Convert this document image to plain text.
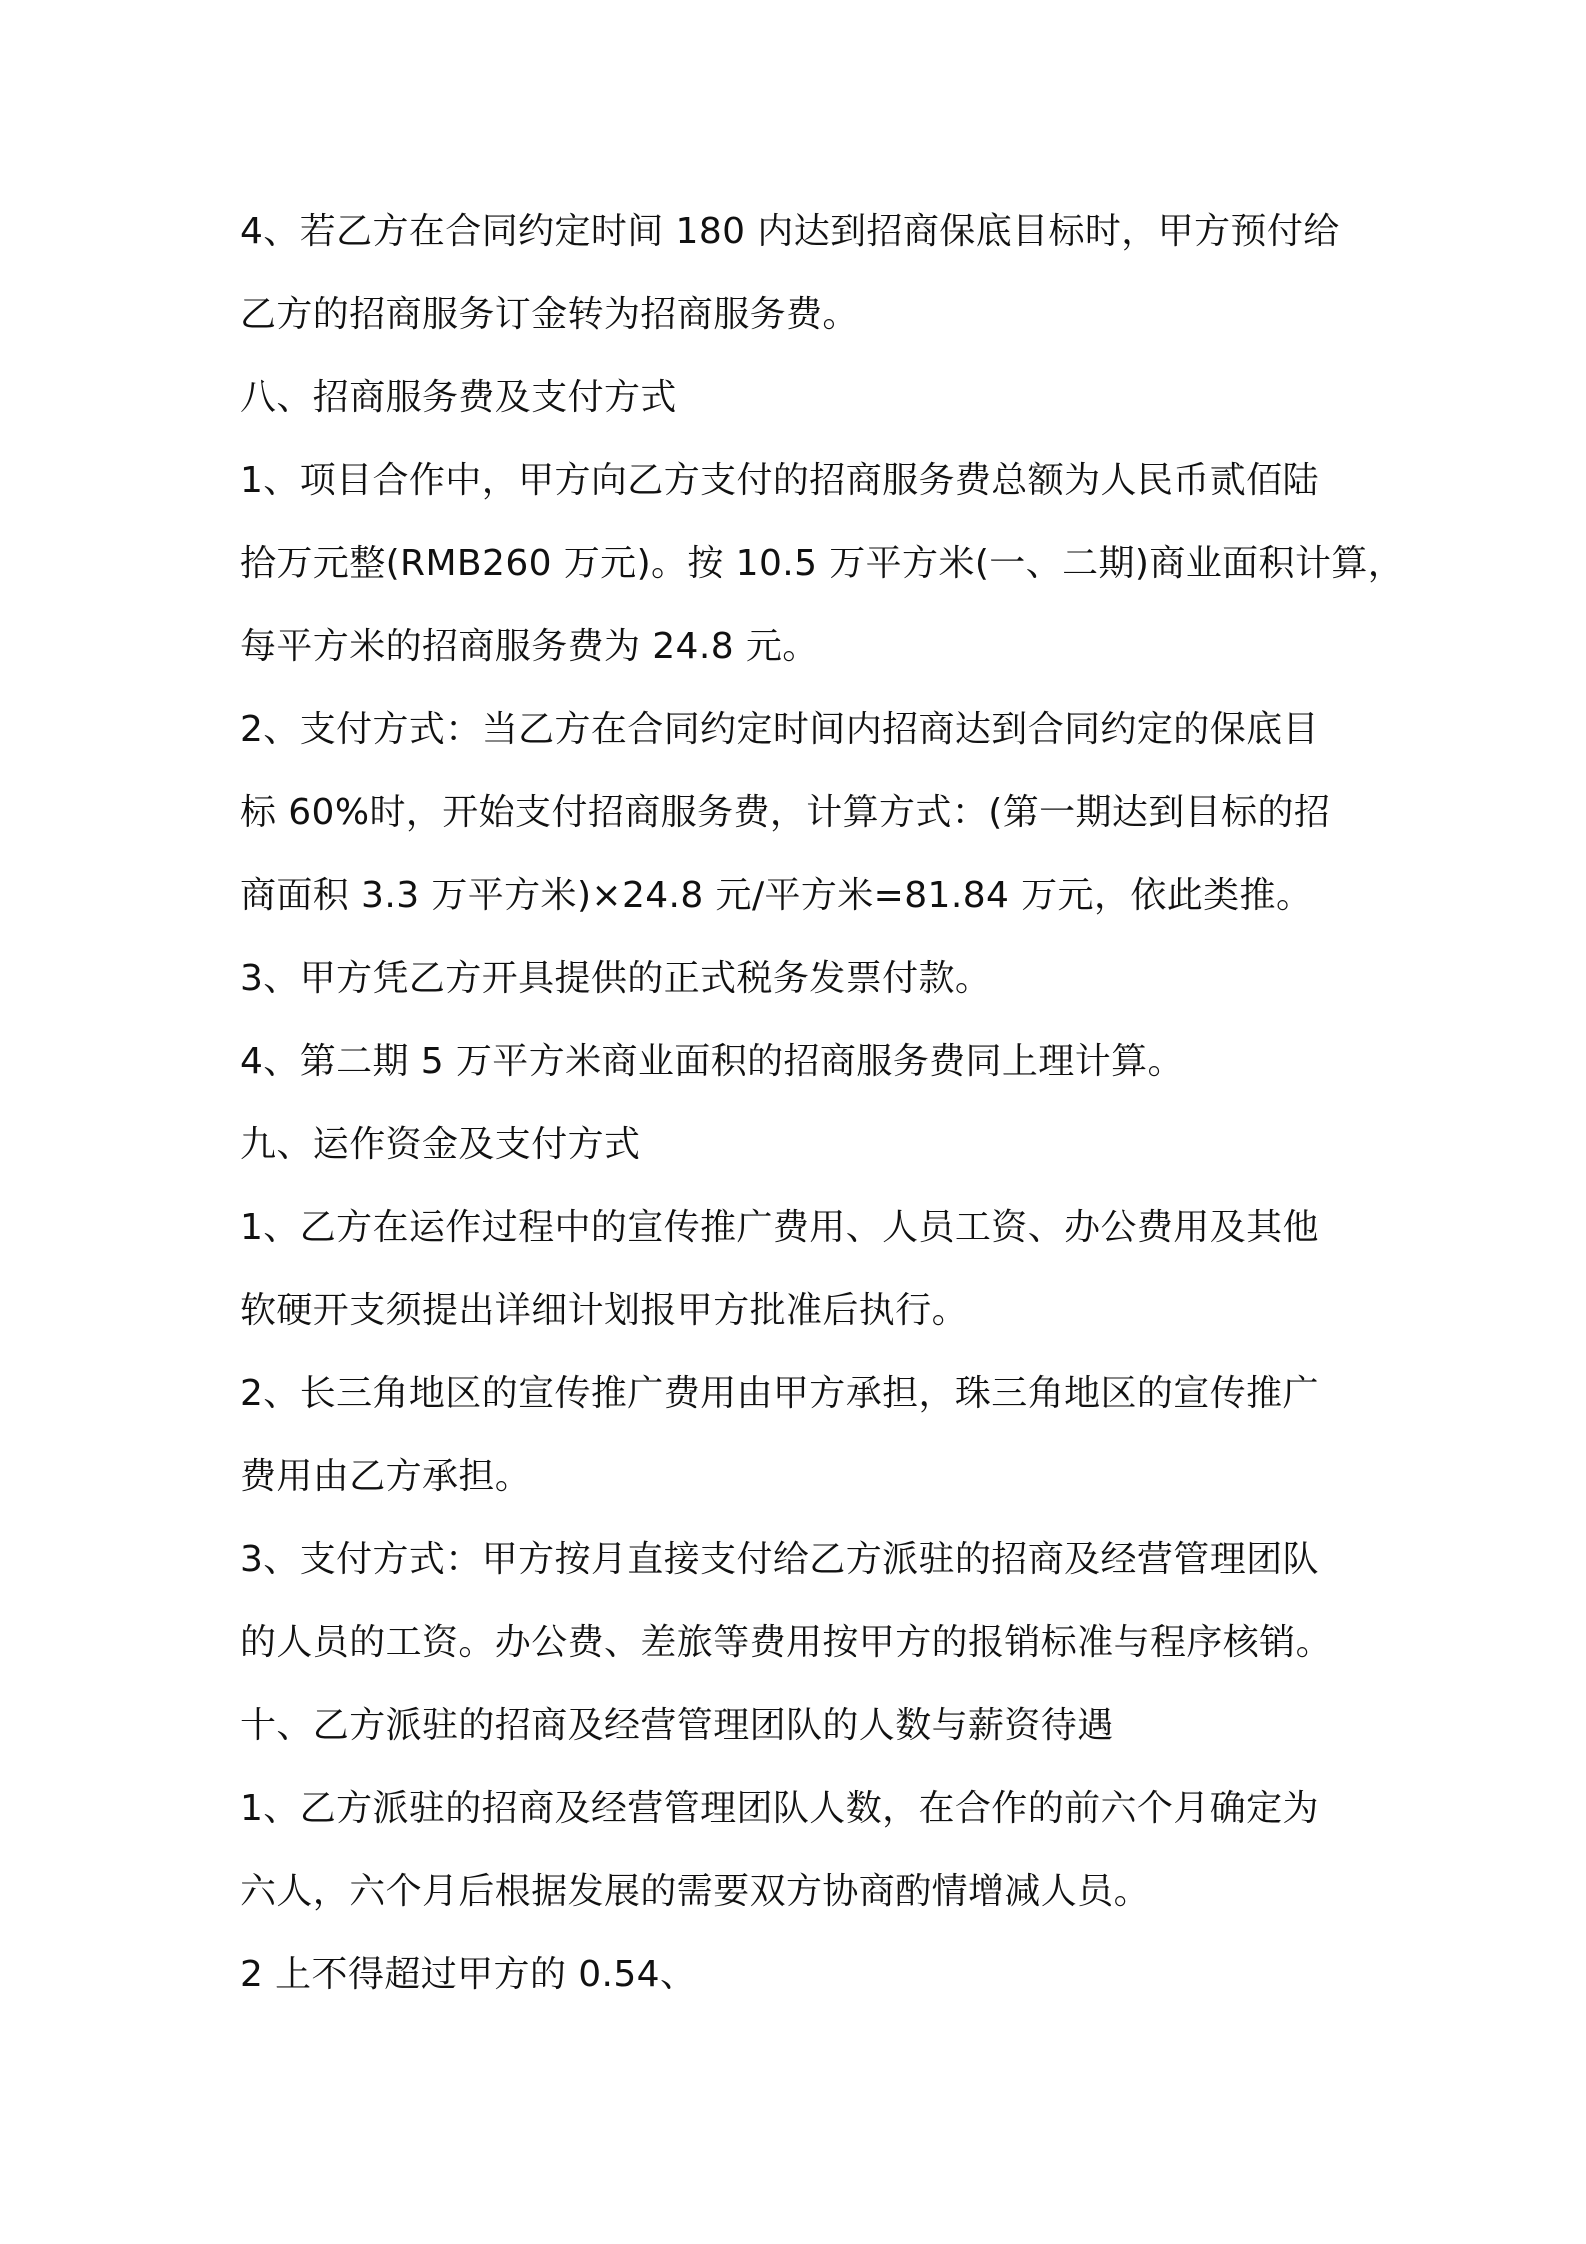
4、若乙方在合同约定时间 180 内达到招商保底目标时，甲方预付给
乙方的招商服务订金转为招商服务费。
八、招商服务费及支付方式
1、项目合作中，甲方向乙方支付的招商服务费总额为人民币贰佰陆
拾万元整(RMB260 万元)。按 10.5 万平方米(一、二期)商业面积计算，
每平方米的招商服务费为 24.8 元。
2、支付方式：当乙方在合同约定时间内招商达到合同约定的保底目
标 60%时，开始支付招商服务费，计算方式：(第一期达到目标的招
商面积 3.3 万平方米)×24.8 元/平方米=81.84 万元，依此类推。
3、甲方凭乙方开具提供的正式税务发票付款。
4、第二期 5 万平方米商业面积的招商服务费同上理计算。
九、运作资金及支付方式
1、乙方在运作过程中的宣传推广费用、人员工资、办公费用及其他
软硬开支须提出详细计划报甲方批准后执行。
2、长三角地区的宣传推广费用由甲方承担，珠三角地区的宣传推广
费用由乙方承担。
3、支付方式：甲方按月直接支付给乙方派驻的招商及经营管理团队
的人员的工资。办公费、差旅等费用按甲方的报销标准与程序核销。
十、乙方派驻的招商及经营管理团队的人数与薪资待遇
1、乙方派驻的招商及经营管理团队人数，在合作的前六个月确定为
六人，六个月后根据发展的需要双方协商酌情增减人员。
2 上不得超过甲方的 0.54、
